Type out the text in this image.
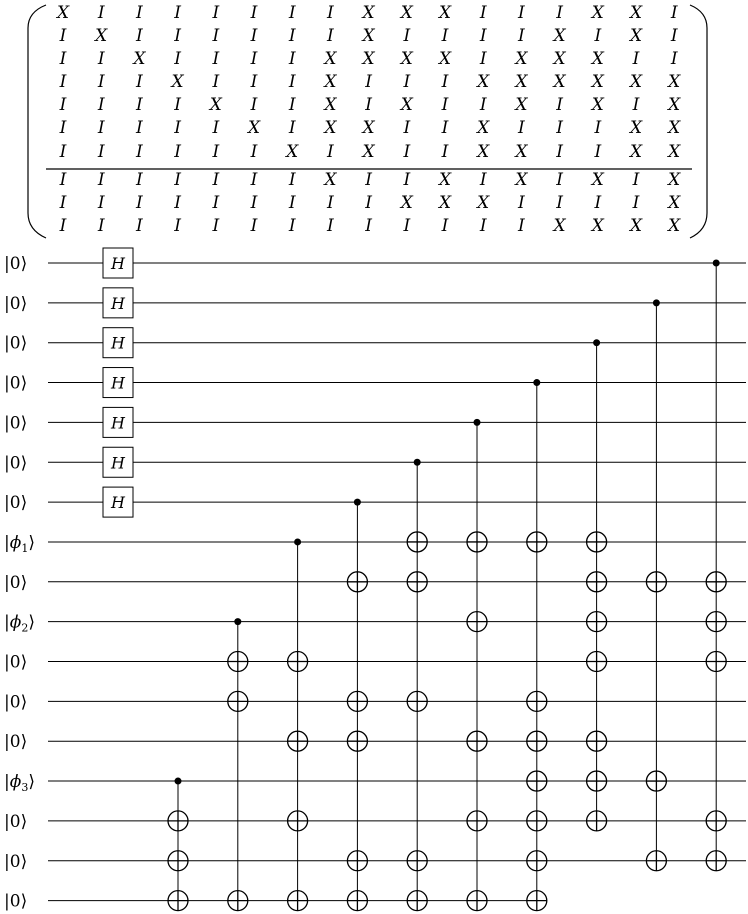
X I I I I I I I X X X I I I X X I
I X I I I I I I X I I I I X I X I
I I X I I I I X X X X I X X X I I
I I I X I I I X I I I X X X X X X
I I I I X I I X I X I I X I X I X
I I I I I X I X X I I X I I I X X
I I I I I I X I X I I X X I I X X
I I I I I I I X I I X I X I X I X
I I I I I I I I I X X X I I I I X
I I I I I I I I I I I I I X X X X
H
H
H
H
H
H
H
|0⟩
|0⟩
|0⟩
|0⟩
|0⟩
|0⟩
|0⟩
$|\phi_1⟩$
|0⟩
$|\phi_2⟩$
|0⟩
|0⟩
|0⟩
$|\phi_3⟩$
|0⟩
|0⟩
|0⟩
